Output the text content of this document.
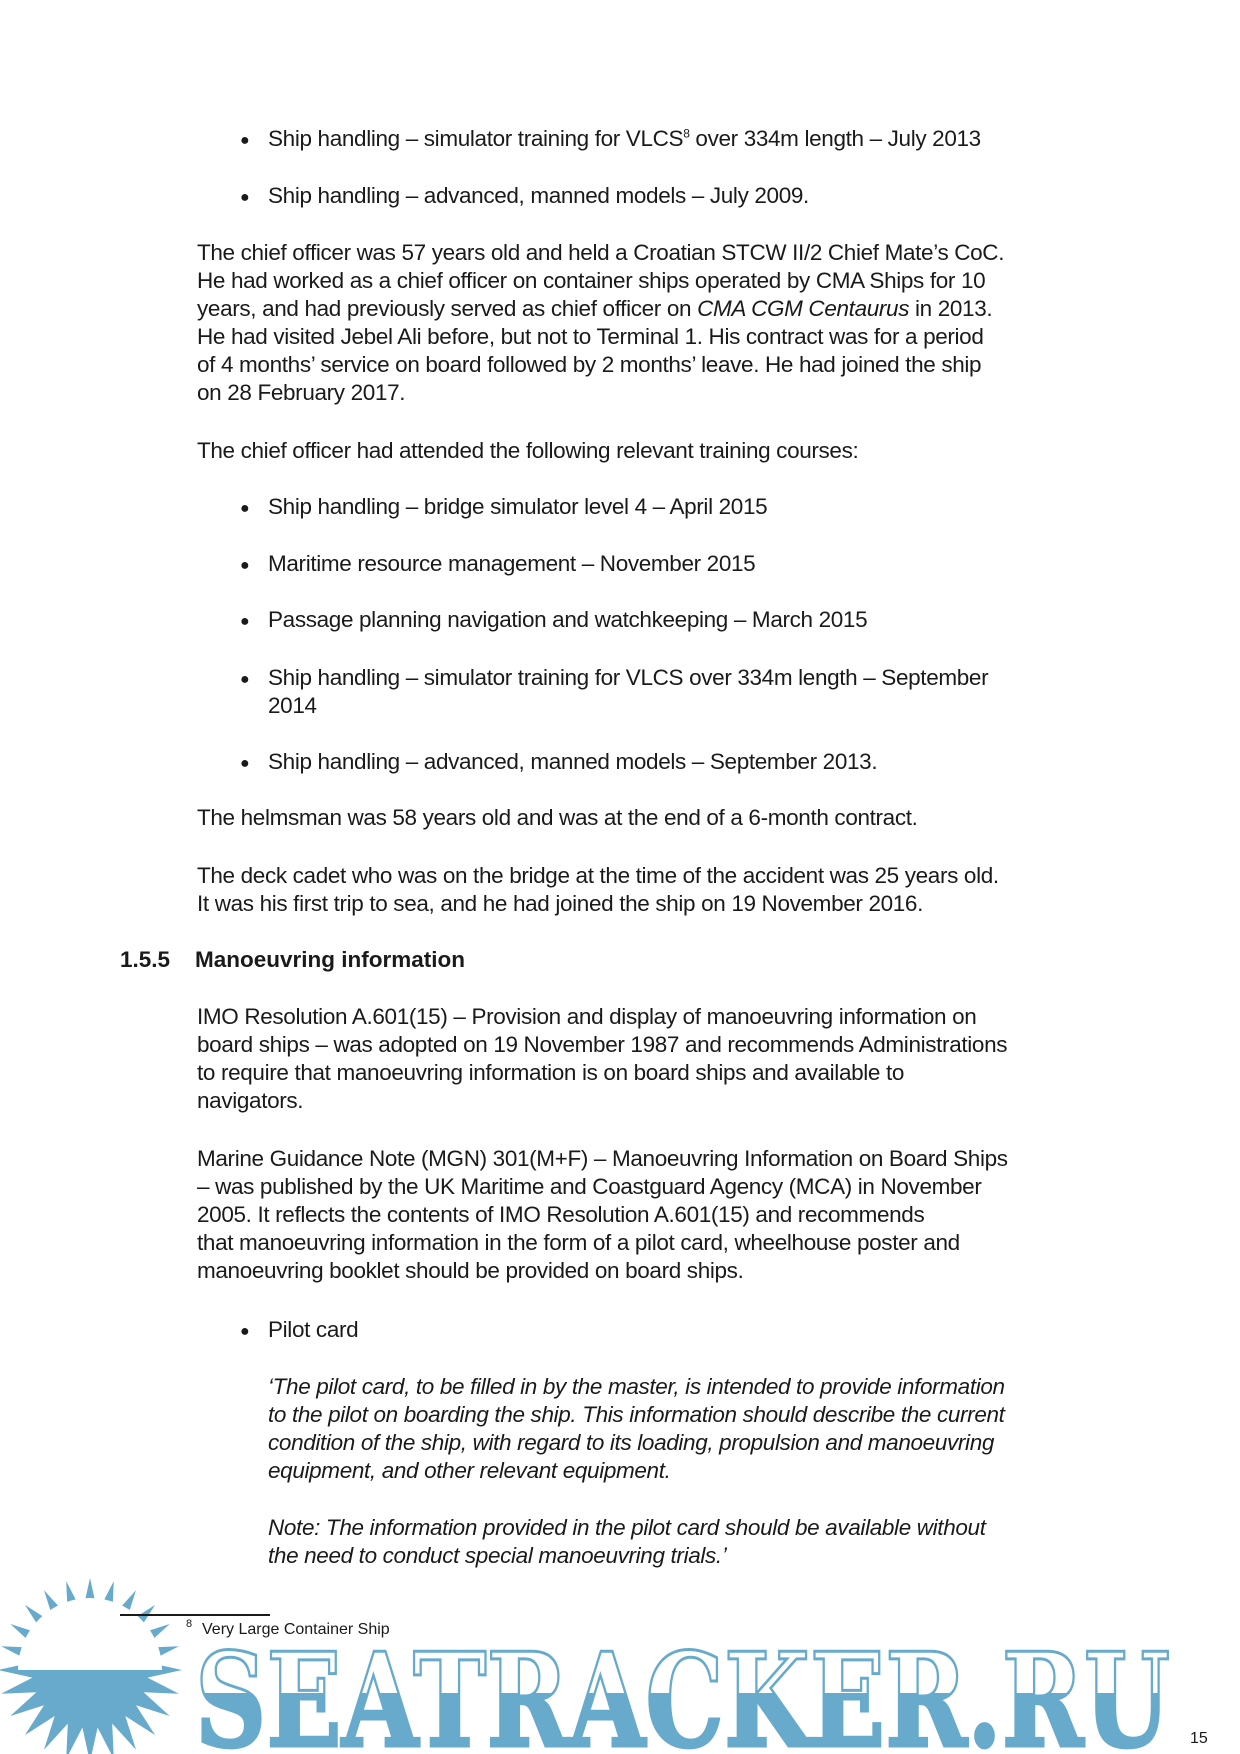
● Ship handling – simulator training for VLCS$^8$ over 334m length – July 2013
● Ship handling – advanced, manned models – July 2009.
The chief officer was 57 years old and held a Croatian STCW II/2 Chief Mate’s CoC.
He had worked as a chief officer on container ships operated by CMA Ships for 10
years, and had previously served as chief officer on CMA CGM Centaurus in 2013.
He had visited Jebel Ali before, but not to Terminal 1. His contract was for a period
of 4 months’ service on board followed by 2 months’ leave. He had joined the ship
on 28 February 2017.
The chief officer had attended the following relevant training courses:
● Ship handling – bridge simulator level 4 – April 2015
● Maritime resource management – November 2015
● Passage planning navigation and watchkeeping – March 2015
● Ship handling – simulator training for VLCS over 334m length – September
2014
● Ship handling – advanced, manned models – September 2013.
The helmsman was 58 years old and was at the end of a 6-month contract.
The deck cadet who was on the bridge at the time of the accident was 25 years old.
It was his first trip to sea, and he had joined the ship on 19 November 2016.
1.5.5 Manoeuvring information
IMO Resolution A.601(15) – Provision and display of manoeuvring information on
board ships – was adopted on 19 November 1987 and recommends Administrations
to require that manoeuvring information is on board ships and available to
navigators.
Marine Guidance Note (MGN) 301(M+F) – Manoeuvring Information on Board Ships
– was published by the UK Maritime and Coastguard Agency (MCA) in November
2005. It reflects the contents of IMO Resolution A.601(15) and recommends
that manoeuvring information in the form of a pilot card, wheelhouse poster and
manoeuvring booklet should be provided on board ships.
● Pilot card
‘The pilot card, to be filled in by the master, is intended to provide information
to the pilot on boarding the ship. This information should describe the current
condition of the ship, with regard to its loading, propulsion and manoeuvring
equipment, and other relevant equipment.
Note: The information provided in the pilot card should be available without
the need to conduct special manoeuvring trials.’
SEATRACKER.RU
8 Very Large Container Ship
15
